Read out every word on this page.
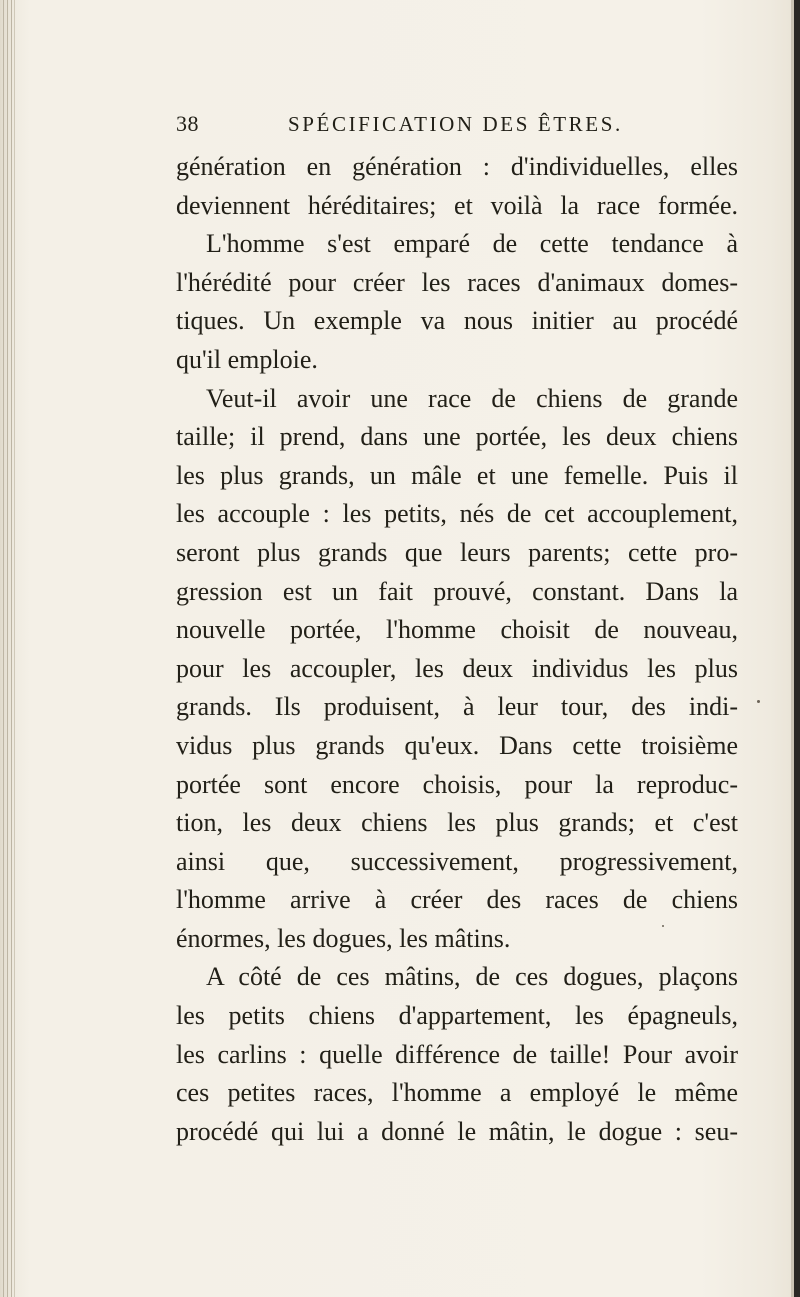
38	SPÉCIFICATION DES ÊTRES.
génération en génération : d'individuelles, elles
deviennent héréditaires; et voilà la race formée.
L'homme s'est emparé de cette tendance à
l'hérédité pour créer les races d'animaux domes-
tiques. Un exemple va nous initier au procédé
qu'il emploie.
Veut-il avoir une race de chiens de grande
taille; il prend, dans une portée, les deux chiens
les plus grands, un mâle et une femelle. Puis il
les accouple : les petits, nés de cet accouplement,
seront plus grands que leurs parents; cette pro-
gression est un fait prouvé, constant. Dans la
nouvelle portée, l'homme choisit de nouveau,
pour les accoupler, les deux individus les plus
grands. Ils produisent, à leur tour, des indi-
vidus plus grands qu'eux. Dans cette troisième
portée sont encore choisis, pour la reproduc-
tion, les deux chiens les plus grands; et c'est
ainsi que, successivement, progressivement,
l'homme arrive à créer des races de chiens
énormes, les dogues, les mâtins.
A côté de ces mâtins, de ces dogues, plaçons
les petits chiens d'appartement, les épagneuls,
les carlins : quelle différence de taille! Pour avoir
ces petites races, l'homme a employé le même
procédé qui lui a donné le mâtin, le dogue : seu-
